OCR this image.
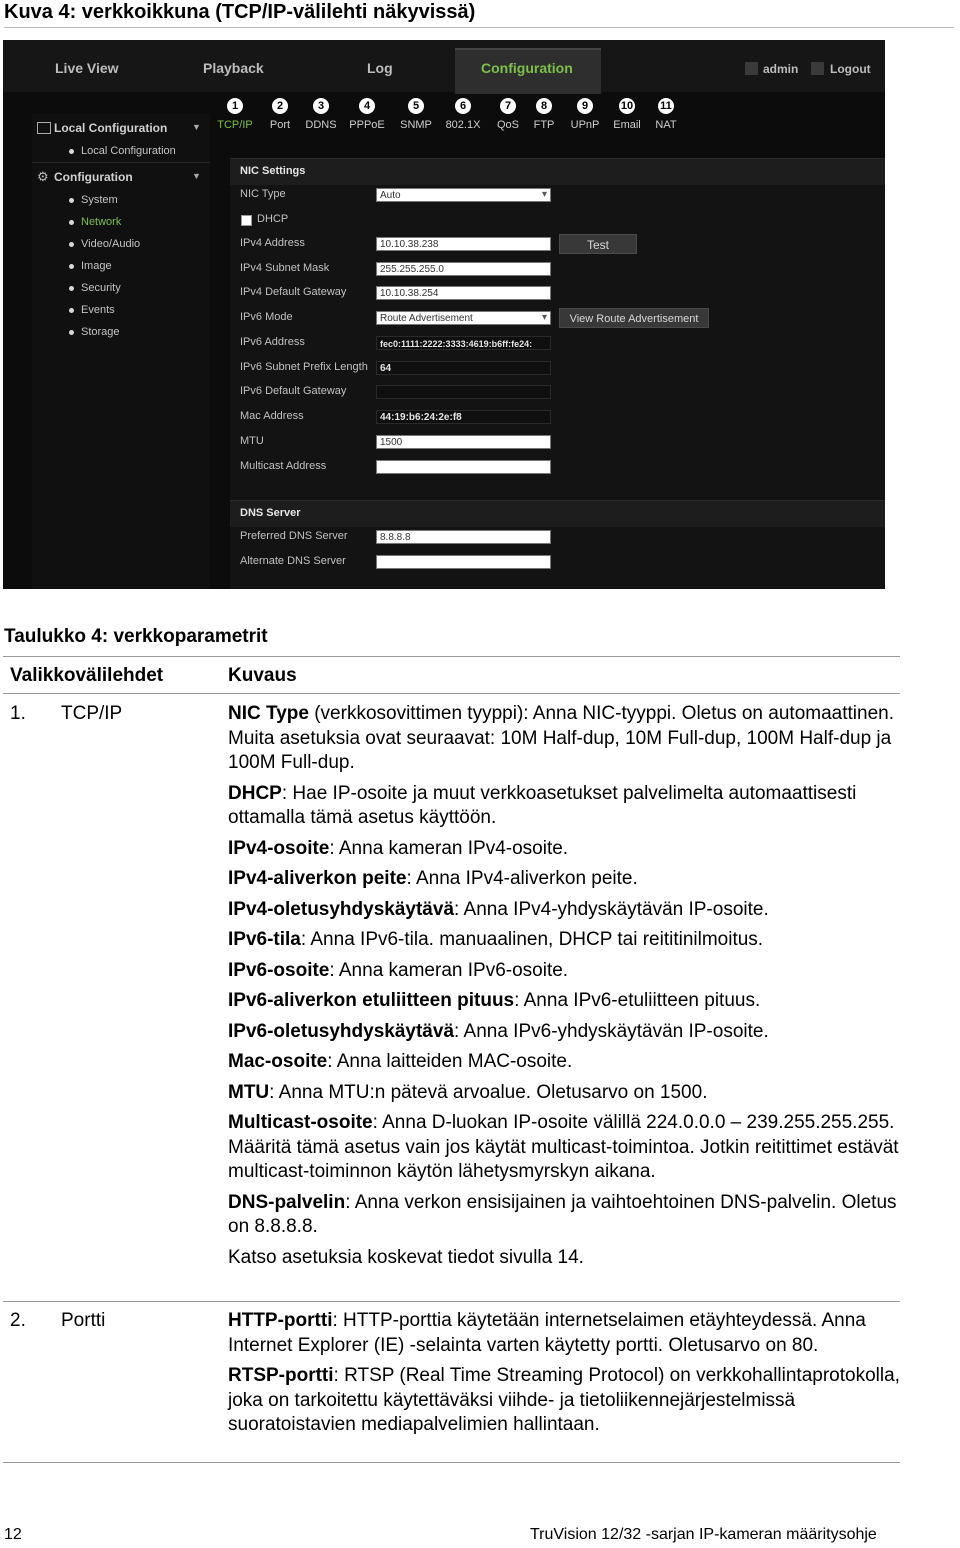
Kuva 4: verkkoikkuna (TCP/IP-välilehti näkyvissä)
Live View	Playback	Log	Configuration	admin	Logout
Local Configuration	▼
Local Configuration
Configuration	▼
⚙
System
Network
Video/Audio
Image
Security
Events
Storage
1
TCP/IP
2
Port
3
DDNS
4
PPPoE
5
SNMP
6
802.1X
7
QoS
8
FTP
9
UPnP
10
Email
11
NAT
NIC Settings
NIC Type	Auto ▾
DHCP
IPv4 Address	10.10.38.238	Test
IPv4 Subnet Mask	255.255.255.0
IPv4 Default Gateway	10.10.38.254
IPv6 Mode	Route Advertisement ▾	View Route Advertisement
IPv6 Address	fec0:1111:2222:3333:4619:b6ff:fe24:
IPv6 Subnet Prefix Length	64
IPv6 Default Gateway
Mac Address	44:19:b6:24:2e:f8
MTU	1500
Multicast Address
DNS Server
Preferred DNS Server	8.8.8.8
Alternate DNS Server
Taulukko 4: verkkoparametrit
Valikkovälilehdet	Kuvaus
1. TCP/IP	NIC Type (verkkosovittimen tyyppi): Anna NIC-tyyppi. Oletus on automaattinen. Muita asetuksia ovat seuraavat: 10M Half-dup, 10M Full-dup, 100M Half-dup ja 100M Full-dup.

DHCP: Hae IP-osoite ja muut verkkoasetukset palvelimelta automaattisesti ottamalla tämä asetus käyttöön.

IPv4-osoite: Anna kameran IPv4-osoite.

IPv4-aliverkon peite: Anna IPv4-aliverkon peite.

IPv4-oletusyhdyskäytävä: Anna IPv4-yhdyskäytävän IP-osoite.

IPv6-tila: Anna IPv6-tila. manuaalinen, DHCP tai reititinilmoitus.

IPv6-osoite: Anna kameran IPv6-osoite.

IPv6-aliverkon etuliitteen pituus: Anna IPv6-etuliitteen pituus.

IPv6-oletusyhdyskäytävä: Anna IPv6-yhdyskäytävän IP-osoite.

Mac-osoite: Anna laitteiden MAC-osoite.

MTU: Anna MTU:n pätevä arvoalue. Oletusarvo on 1500.

Multicast-osoite: Anna D-luokan IP-osoite välillä 224.0.0.0 – 239.255.255.255. Määritä tämä asetus vain jos käytät multicast-toimintoa. Jotkin reitittimet estävät multicast-toiminnon käytön lähetysmyrskyn aikana.

DNS-palvelin: Anna verkon ensisijainen ja vaihtoehtoinen DNS-palvelin. Oletus on 8.8.8.8.

Katso asetuksia koskevat tiedot sivulla 14.

2. Portti	HTTP-portti: HTTP-porttia käytetään internetselaimen etäyhteydessä. Anna Internet Explorer (IE) -selainta varten käytetty portti. Oletusarvo on 80.

RTSP-portti: RTSP (Real Time Streaming Protocol) on verkkohallintaprotokolla, joka on tarkoitettu käytettäväksi viihde- ja tietoliikennejärjestelmissä suoratoistavien mediapalvelimien hallintaan.

12	TruVision 12/32 -sarjan IP-kameran määritysohje
